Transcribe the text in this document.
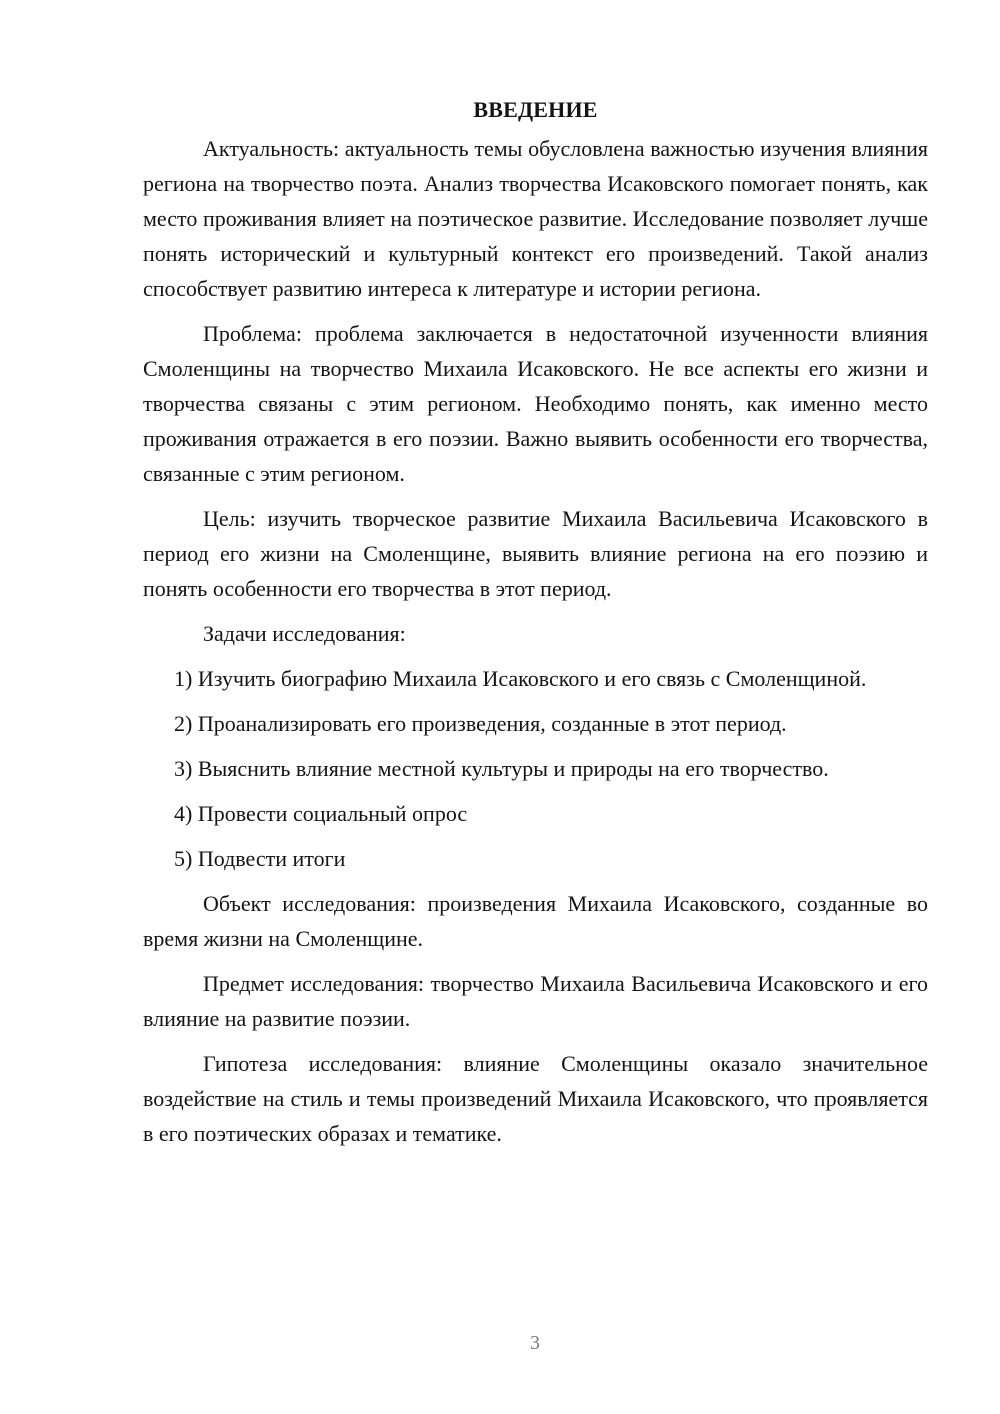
ВВЕДЕНИЕ

Актуальность: актуальность темы обусловлена важностью изучения влияния региона на творчество поэта. Анализ творчества Исаковского помогает понять, как место проживания влияет на поэтическое развитие. Исследование позволяет лучше понять исторический и культурный контекст его произведений. Такой анализ способствует развитию интереса к литературе и истории региона.

Проблема: проблема заключается в недостаточной изученности влияния Смоленщины на творчество Михаила Исаковского. Не все аспекты его жизни и творчества связаны с этим регионом. Необходимо понять, как именно место проживания отражается в его поэзии. Важно выявить особенности его творчества, связанные с этим регионом.

Цель: изучить творческое развитие Михаила Васильевича Исаковского в период его жизни на Смоленщине, выявить влияние региона на его поэзию и понять особенности его творчества в этот период.

Задачи исследования:

1) Изучить биографию Михаила Исаковского и его связь с Смоленщиной.

2) Проанализировать его произведения, созданные в этот период.

3) Выяснить влияние местной культуры и природы на его творчество.

4) Провести социальный опрос

5) Подвести итоги

Объект исследования: произведения Михаила Исаковского, созданные во время жизни на Смоленщине.

Предмет исследования: творчество Михаила Васильевича Исаковского и его влияние на развитие поэзии.

Гипотеза исследования: влияние Смоленщины оказало значительное воздействие на стиль и темы произведений Михаила Исаковского, что проявляется в его поэтических образах и тематике.

3
